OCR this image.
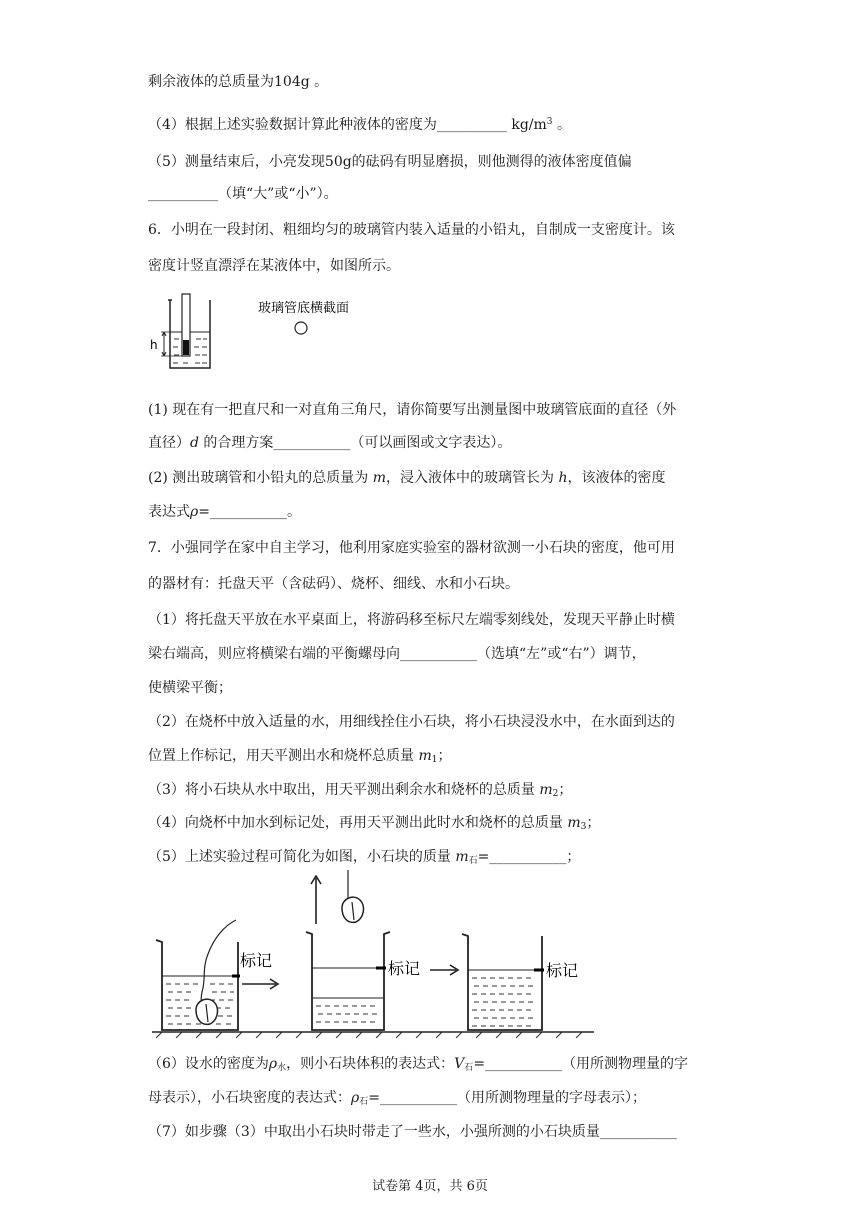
剩余液体的总质量为104g 。
（4）根据上述实验数据计算此种液体的密度为__________ $kg/m^3$ 。
（5）测量结束后，小亮发现50g的砝码有明显磨损，则他测得的液体密度值偏
__________（填“大”或“小”）。
6．小明在一段封闭、粗细均匀的玻璃管内装入适量的小铅丸，自制成一支密度计。该
密度计竖直漂浮在某液体中，如图所示。
h
玻璃管底横截面
(1) 现在有一把直尺和一对直角三角尺，请你简要写出测量图中玻璃管底面的直径（外
直径）d 的合理方案___________（可以画图或文字表达）。
(2) 测出玻璃管和小铅丸的总质量为 m，浸入液体中的玻璃管长为 h，该液体的密度
表达式ρ=___________。
7．小强同学在家中自主学习，他利用家庭实验室的器材欲测一小石块的密度，他可用
的器材有：托盘天平（含砝码）、烧杯、细线、水和小石块。
（1）将托盘天平放在水平桌面上，将游码移至标尺左端零刻线处，发现天平静止时横
梁右端高，则应将横梁右端的平衡螺母向___________（选填“左”或“右”）调节，
使横梁平衡；
（2）在烧杯中放入适量的水，用细线拴住小石块，将小石块浸没水中，在水面到达的
位置上作标记，用天平测出水和烧杯总质量 $m_1$；
（3）将小石块从水中取出，用天平测出剩余水和烧杯的总质量 $m_2$；
（4）向烧杯中加水到标记处，再用天平测出此时水和烧杯的总质量 $m_3$；
（5）上述实验过程可简化为如图，小石块的质量 $m_石=\_\_\_\_\_\_\_\_\_\_\_$；
标记	标记	标记
（6）设水的密度为$\rho_水$，则小石块体积的表达式：$V_石=\_\_\_\_\_\_\_\_\_\_\_$（用所测物理量的字
母表示），小石块密度的表达式：$\rho_石=\_\_\_\_\_\_\_\_\_\_\_$（用所测物理量的字母表示）；
（7）如步骤（3）中取出小石块时带走了一些水，小强所测的小石块质量___________
试卷第 4页，共 6页
